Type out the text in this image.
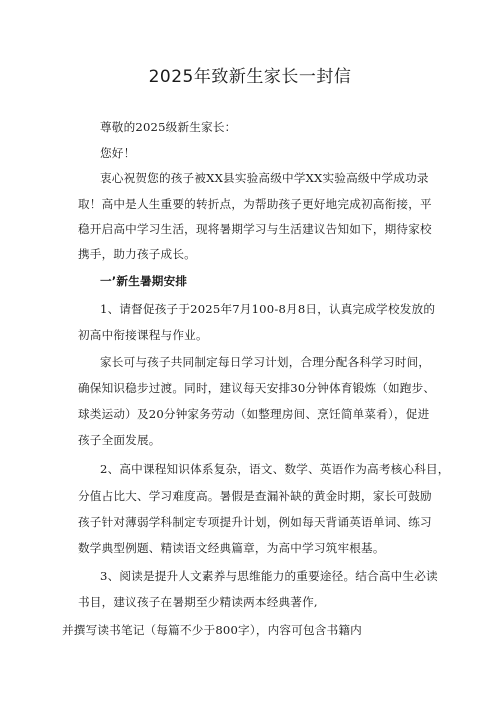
2025年致新生家长一封信
尊敬的2025级新生家长：
您好！
衷心祝贺您的孩子被XX县实验高级中学XX实验高级中学成功录
取！高中是人生重要的转折点，为帮助孩子更好地完成初高衔接，平
稳开启高中学习生活，现将暑期学习与生活建议告知如下，期待家校
携手，助力孩子成长。
一’新生暑期安排
1、请督促孩子于2025年7月100-8月8日，认真完成学校发放的
初高中衔接课程与作业。
家长可与孩子共同制定每日学习计划，合理分配各科学习时间，
确保知识稳步过渡。同时，建议每天安排30分钟体育锻炼（如跑步、
球类运动）及20分钟家务劳动（如整理房间、烹饪简单菜肴），促进
孩子全面发展。
2、高中课程知识体系复杂，语文、数学、英语作为高考核心科目，
分值占比大、学习难度高。暑假是查漏补缺的黄金时期，家长可鼓励
孩子针对薄弱学科制定专项提升计划，例如每天背诵英语单词、练习
数学典型例题、精读语文经典篇章，为高中学习筑牢根基。
3、阅读是提升人文素养与思维能力的重要途径。结合高中生必读
书目，建议孩子在暑期至少精读两本经典著作,
并撰写读书笔记（每篇不少于800字），内容可包含书籍内
